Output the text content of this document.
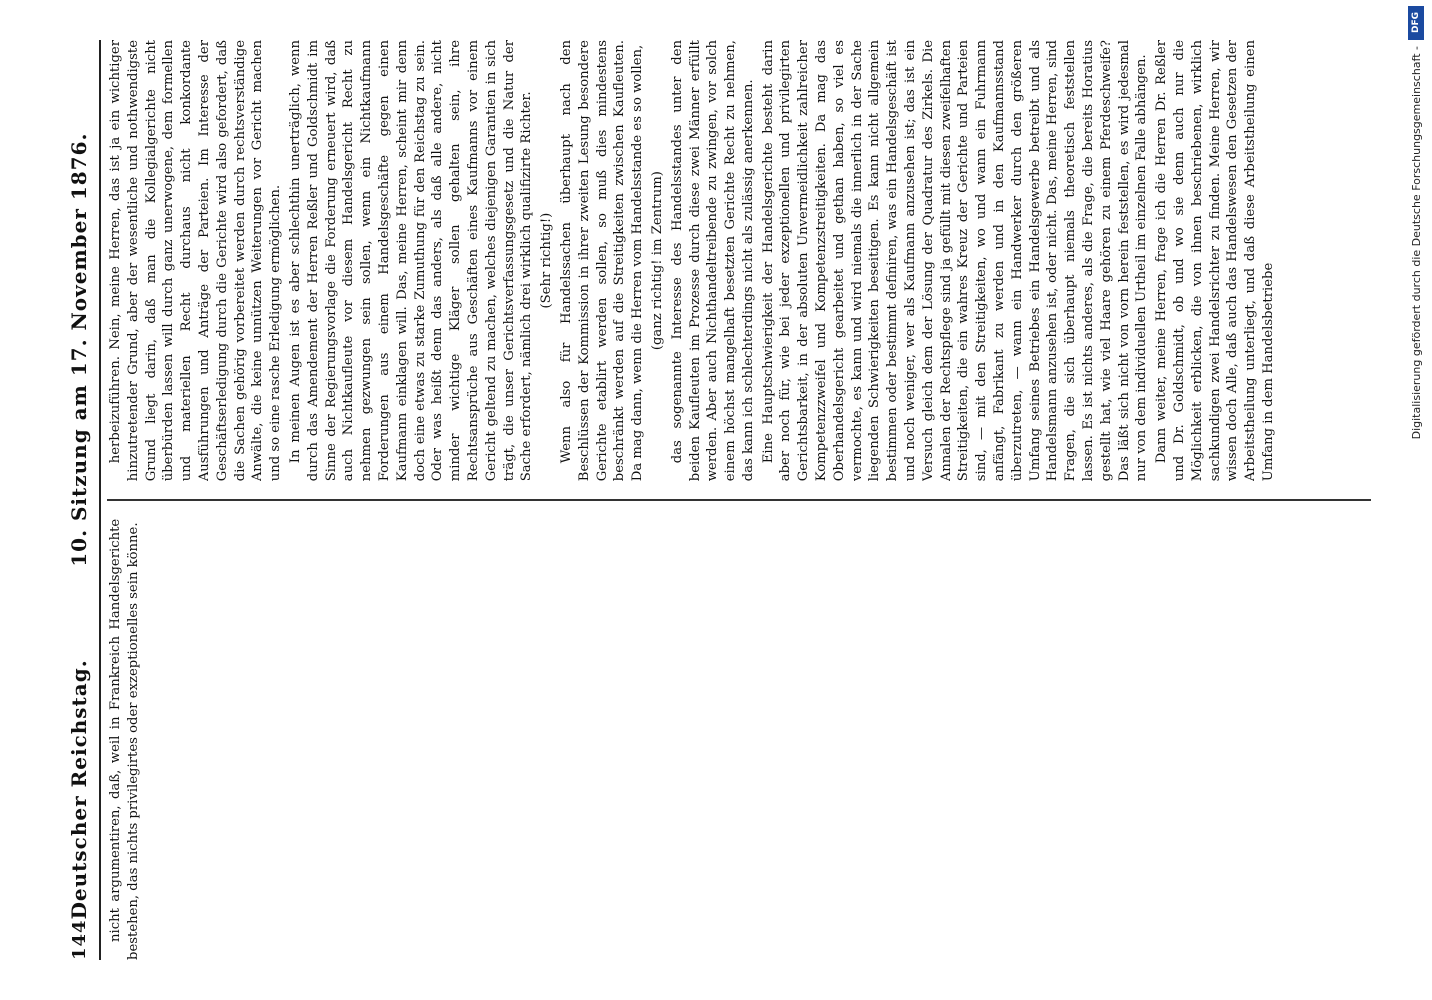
144
Deutscher Reichstag.
10. Sitzung am 17. November 1876.

nicht argumentiren, daß, weil in Frankreich Handelsgerichte bestehen, das nichts privilegirtes oder exzeptionelles sein könne.

herbeizuführen. Nein, meine Herren, das ist ja ein wichtiger hinzutretender Grund, aber der wesentliche und nothwendigste Grund liegt darin, daß man die Kollegialgerichte nicht überbürden lassen will durch ganz unerwogene, dem formellen und materiellen Recht durchaus nicht konkordante Ausführungen und Anträge der Parteien. Im Interesse der Geschäftserledigung durch die Gerichte wird also gefordert, daß die Sachen gehörig vorbereitet werden durch rechtsverständige Anwälte, die keine unnützen Weiterungen vor Gericht machen und so eine rasche Erledigung ermöglichen. In meinen Augen ist es aber schlechthin unerträglich, wenn durch das Amendement der Herren Reßler und Goldschmidt im Sinne der Regierungsvorlage die Forderung erneuert wird, daß auch Nichtkaufleute vor diesem Handelsgericht Recht zu nehmen gezwungen sein sollen, wenn ein Nichtkaufmann Forderungen aus einem Handelsgeschäfte gegen einen Kaufmann einklagen will. Das, meine Herren, scheint mir denn doch eine etwas zu starke Zumuthung für den Reichstag zu sein. Oder was heißt denn das anders, als daß alle andere, nicht minder wichtige Kläger sollen gehalten sein, ihre Rechtsansprüche aus Geschäften eines Kaufmanns vor einem Gericht geltend zu machen, welches diejenigen Garantien in sich trägt, die unser Gerichtsverfassungsgesetz und die Natur der Sache erfordert, nämlich drei wirklich qualifizirte Richter. (Sehr richtig!) Wenn also für Handelssachen überhaupt nach den Beschlüssen der Kommission in ihrer zweiten Lesung besondere Gerichte etablirt werden sollen, so muß dies mindestens beschränkt werden auf die Streitigkeiten zwischen Kaufleuten. Da mag dann, wenn die Herren vom Handelsstande es so wollen, (ganz richtig! im Zentrum) das sogenannte Interesse des Handelsstandes unter den beiden Kaufleuten im Prozesse durch diese zwei Männer erfüllt werden. Aber auch Nichthandeltreibende zu zwingen, vor solch einem höchst mangelhaft besetzten Gerichte Recht zu nehmen, das kann ich schlechterdings nicht als zulässig anerkennen. Eine Hauptschwierigkeit der Handelsgerichte besteht darin aber noch für, wie bei jeder exzeptionellen und privilegirten Gerichtsbarkeit, in der absoluten Unvermeidlichkeit zahlreicher Kompetenzzweifel und Kompetenzstreitigkeiten. Da mag das Oberhandelsgericht gearbeitet und gethan haben, so viel es vermochte, es kann und wird niemals die innerlich in der Sache liegenden Schwierigkeiten beseitigen. Es kann nicht allgemein bestimmen oder bestimmt definiren, was ein Handelsgeschäft ist und noch weniger, wer als Kaufmann anzusehen ist; das ist ein Versuch gleich dem der Lösung der Quadratur des Zirkels. Die Annalen der Rechtspflege sind ja gefüllt mit diesen zweifelhaften Streitigkeiten, die ein wahres Kreuz der Gerichte und Parteien sind, — mit den Streitigkeiten, wo und wann ein Fuhrmann anfängt, Fabrikant zu werden und in den Kaufmannsstand überzutreten, — wann ein Handwerker durch den größeren Umfang seines Betriebes ein Handelsgewerbe betreibt und als Handelsmann anzusehen ist, oder nicht. Das, meine Herren, sind Fragen, die sich überhaupt niemals theoretisch feststellen lassen. Es ist nichts anderes, als die Frage, die bereits Horatius gestellt hat, wie viel Haare gehören zu einem Pferdeschweife? Das läßt sich nicht von vorn herein feststellen, es wird jedesmal nur von dem individuellen Urtheil im einzelnen Falle abhängen. Dann weiter, meine Herren, frage ich die Herren Dr. Reßler und Dr. Goldschmidt, ob und wo sie denn auch nur die Möglichkeit erblicken, die von ihnen beschriebenen, wirklich sachkundigen zwei Handelsrichter zu finden. Meine Herren, wir wissen doch Alle, daß auch das Handelswesen den Gesetzen der Arbeitstheilung unterliegt, und daß diese Arbeitstheilung einen Umfang in dem Handelsbetriebe

DFG
Digitalisierung gefördert durch die Deutsche Forschungsgemeinschaft -
